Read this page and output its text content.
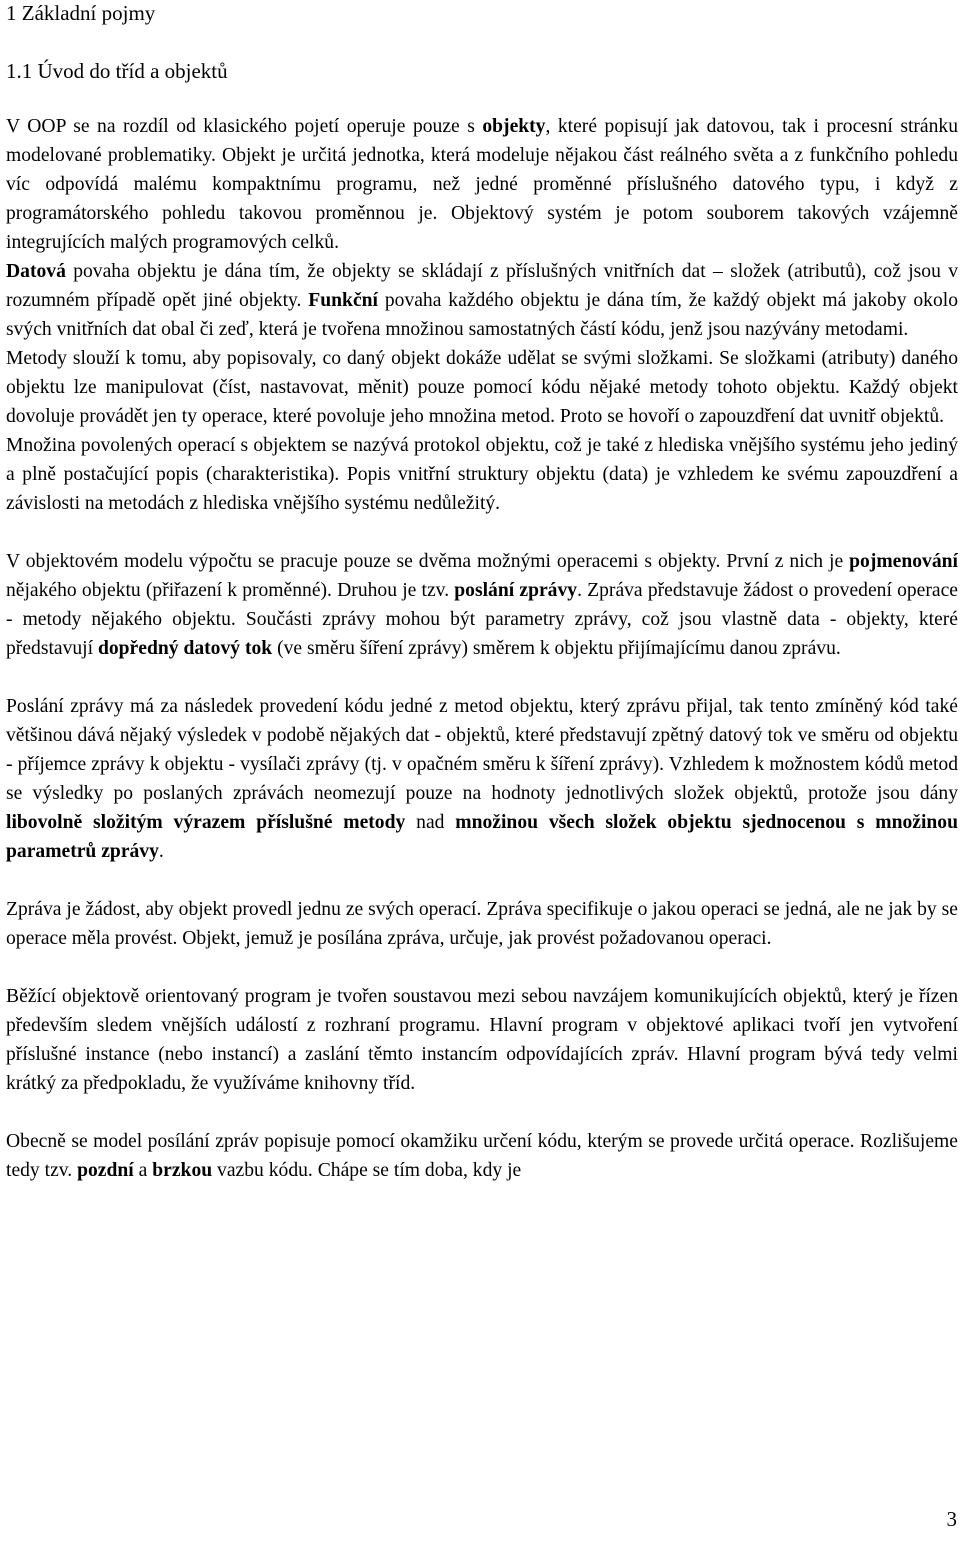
1 Základní pojmy
1.1 Úvod do tříd a objektů

V OOP se na rozdíl od klasického pojetí operuje pouze s objekty, které popisují jak datovou, tak i procesní stránku modelované problematiky. Objekt je určitá jednotka, která modeluje nějakou část reálného světa a z funkčního pohledu víc odpovídá malému kompaktnímu programu, než jedné proměnné příslušného datového typu, i když z programátorského pohledu takovou proměnnou je. Objektový systém je potom souborem takových vzájemně integrujících malých programových celků.

Datová povaha objektu je dána tím, že objekty se skládají z příslušných vnitřních dat – složek (atributů), což jsou v rozumném případě opět jiné objekty. Funkční povaha každého objektu je dána tím, že každý objekt má jakoby okolo svých vnitřních dat obal či zeď, která je tvořena množinou samostatných částí kódu, jenž jsou nazývány metodami.

Metody slouží k tomu, aby popisovaly, co daný objekt dokáže udělat se svými složkami. Se složkami (atributy) daného objektu lze manipulovat (číst, nastavovat, měnit) pouze pomocí kódu nějaké metody tohoto objektu. Každý objekt dovoluje provádět jen ty operace, které povoluje jeho množina metod. Proto se hovoří o zapouzdření dat uvnitř objektů.

Množina povolených operací s objektem se nazývá protokol objektu, což je také z hlediska vnějšího systému jeho jediný a plně postačující popis (charakteristika). Popis vnitřní struktury objektu (data) je vzhledem ke svému zapouzdření a závislosti na metodách z hlediska vnějšího systému nedůležitý.

V objektovém modelu výpočtu se pracuje pouze se dvěma možnými operacemi s objekty. První z nich je pojmenování nějakého objektu (přiřazení k proměnné). Druhou je tzv. poslání zprávy. Zpráva představuje žádost o provedení operace - metody nějakého objektu. Součásti zprávy mohou být parametry zprávy, což jsou vlastně data - objekty, které představují dopředný datový tok (ve směru šíření zprávy) směrem k objektu přijímajícímu danou zprávu.

Poslání zprávy má za následek provedení kódu jedné z metod objektu, který zprávu přijal, tak tento zmíněný kód také většinou dává nějaký výsledek v podobě nějakých dat - objektů, které představují zpětný datový tok ve směru od objektu - příjemce zprávy k objektu - vysílači zprávy (tj. v opačném směru k šíření zprávy). Vzhledem k možnostem kódů metod se výsledky po poslaných zprávách neomezují pouze na hodnoty jednotlivých složek objektů, protože jsou dány libovolně složitým výrazem příslušné metody nad množinou všech složek objektu sjednocenou s množinou parametrů zprávy.

Zpráva je žádost, aby objekt provedl jednu ze svých operací. Zpráva specifikuje o jakou operaci se jedná, ale ne jak by se operace měla provést. Objekt, jemuž je posílána zpráva, určuje, jak provést požadovanou operaci.

Běžící objektově orientovaný program je tvořen soustavou mezi sebou navzájem komunikujících objektů, který je řízen především sledem vnějších událostí z rozhraní programu. Hlavní program v objektové aplikaci tvoří jen vytvoření příslušné instance (nebo instancí) a zaslání těmto instancím odpovídajících zpráv. Hlavní program bývá tedy velmi krátký za předpokladu, že využíváme knihovny tříd.

Obecně se model posílání zpráv popisuje pomocí okamžiku určení kódu, kterým se provede určitá operace. Rozlišujeme tedy tzv. pozdní a brzkou vazbu kódu. Chápe se tím doba, kdy je

3
